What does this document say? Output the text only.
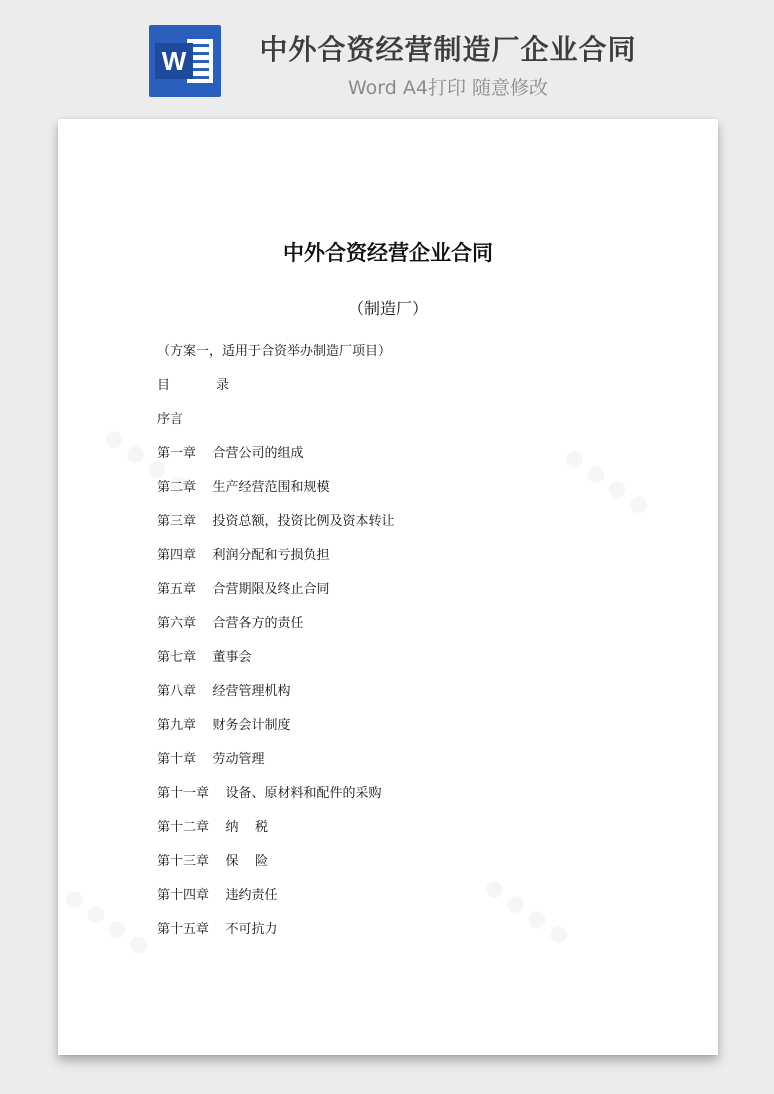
W	中外合资经营制造厂企业合同
Word A4打印 随意修改
中外合资经营企业合同
（制造厂）
（方案一，适用于合资举办制造厂项目）
目	录
序言
第一章    合营公司的组成
第二章    生产经营范围和规模
第三章    投资总额，投资比例及资本转让
第四章    利润分配和亏损负担
第五章    合营期限及终止合同
第六章    合营各方的责任
第七章    董事会
第八章    经营管理机构
第九章    财务会计制度
第十章    劳动管理
第十一章    设备、原材料和配件的采购
第十二章    纳    税
第十三章    保    险
第十四章    违约责任
第十五章    不可抗力
